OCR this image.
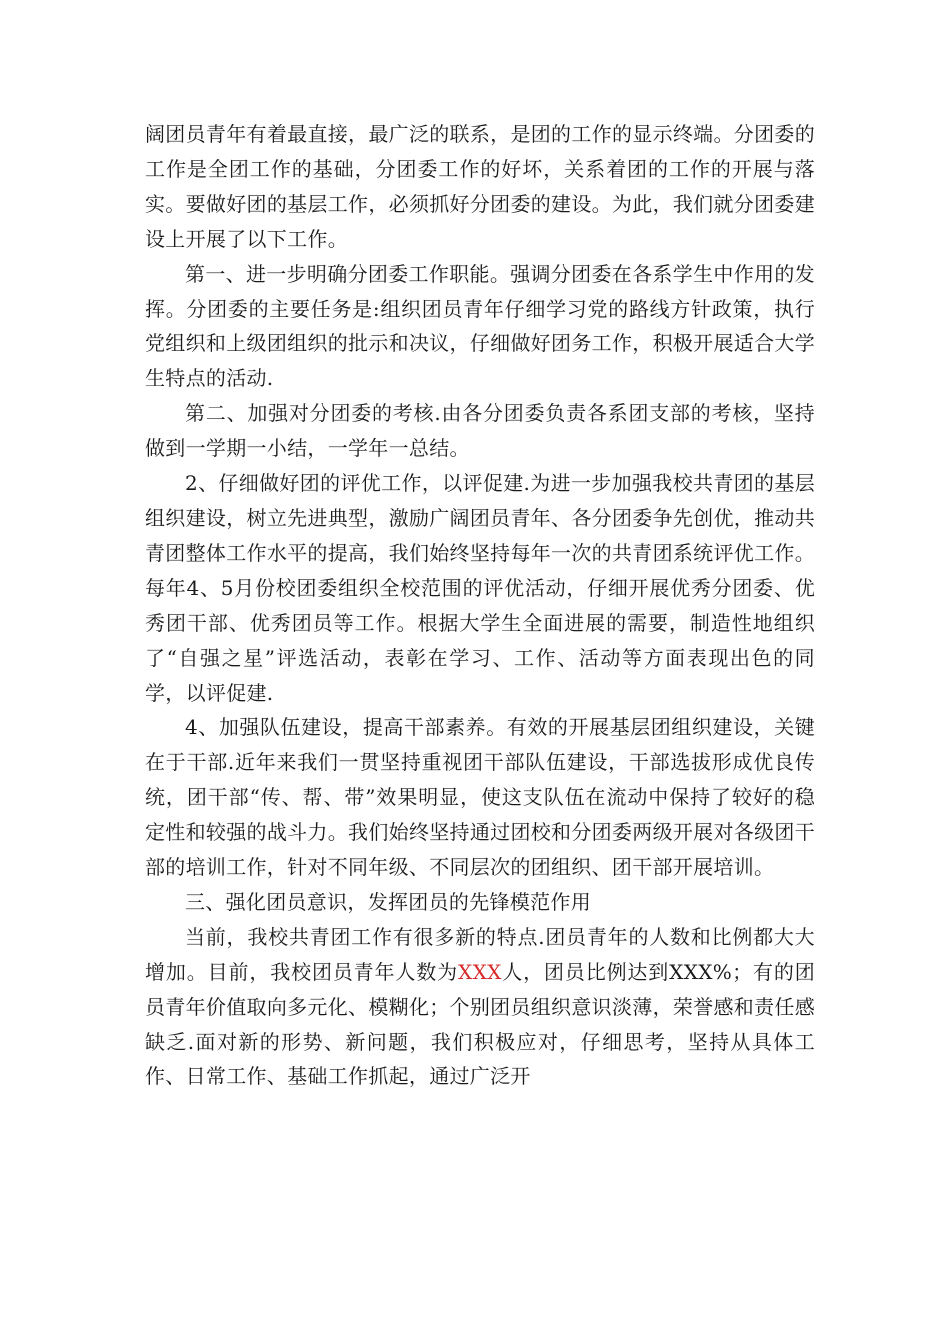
阔团员青年有着最直接，最广泛的联系，是团的工作的显示终端。分团委的工作是全团工作的基础，分团委工作的好坏，关系着团的工作的开展与落实。要做好团的基层工作，必须抓好分团委的建设。为此，我们就分团委建设上开展了以下工作。

第一、进一步明确分团委工作职能。强调分团委在各系学生中作用的发挥。分团委的主要任务是:组织团员青年仔细学习党的路线方针政策，执行党组织和上级团组织的批示和决议，仔细做好团务工作，积极开展适合大学生特点的活动.

第二、加强对分团委的考核.由各分团委负责各系团支部的考核，坚持做到一学期一小结，一学年一总结。

2、仔细做好团的评优工作，以评促建.为进一步加强我校共青团的基层组织建设，树立先进典型，激励广阔团员青年、各分团委争先创优，推动共青团整体工作水平的提高，我们始终坚持每年一次的共青团系统评优工作。每年4、5月份校团委组织全校范围的评优活动，仔细开展优秀分团委、优秀团干部、优秀团员等工作。根据大学生全面进展的需要，制造性地组织了“自强之星”评选活动，表彰在学习、工作、活动等方面表现出色的同学，以评促建.

4、加强队伍建设，提高干部素养。有效的开展基层团组织建设，关键在于干部.近年来我们一贯坚持重视团干部队伍建设，干部选拔形成优良传统，团干部“传、帮、带”效果明显，使这支队伍在流动中保持了较好的稳定性和较强的战斗力。我们始终坚持通过团校和分团委两级开展对各级团干部的培训工作，针对不同年级、不同层次的团组织、团干部开展培训。

三、强化团员意识，发挥团员的先锋模范作用

当前，我校共青团工作有很多新的特点.团员青年的人数和比例都大大增加。目前，我校团员青年人数为XXX人，团员比例达到XXX%；有的团员青年价值取向多元化、模糊化；个别团员组织意识淡薄，荣誉感和责任感缺乏.面对新的形势、新问题，我们积极应对，仔细思考，坚持从具体工作、日常工作、基础工作抓起，通过广泛开
